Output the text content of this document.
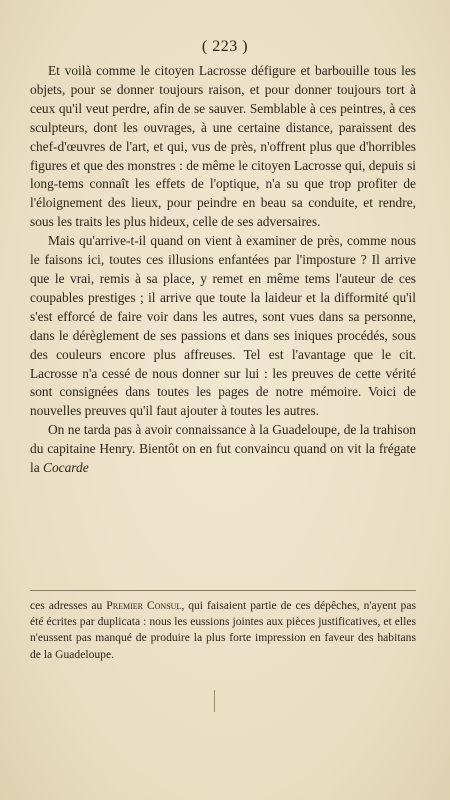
( 223 )

Et voilà comme le citoyen Lacrosse défigure et barbouille tous les objets, pour se donner toujours raison, et pour donner toujours tort à ceux qu'il veut perdre, afin de se sauver. Semblable à ces peintres, à ces sculpteurs, dont les ouvrages, à une certaine distance, paraissent des chef-d'œuvres de l'art, et qui, vus de près, n'offrent plus que d'horribles figures et que des monstres : de même le citoyen Lacrosse qui, depuis si long-tems connaît les effets de l'optique, n'a su que trop profiter de l'éloignement des lieux, pour peindre en beau sa conduite, et rendre, sous les traits les plus hideux, celle de ses adversaires.

Mais qu'arrive-t-il quand on vient à examiner de près, comme nous le faisons ici, toutes ces illusions enfantées par l'imposture ? Il arrive que le vrai, remis à sa place, y remet en même tems l'auteur de ces coupables prestiges ; il arrive que toute la laideur et la difformité qu'il s'est efforcé de faire voir dans les autres, sont vues dans sa personne, dans le dérèglement de ses passions et dans ses iniques procédés, sous des couleurs encore plus affreuses. Tel est l'avantage que le cit. Lacrosse n'a cessé de nous donner sur lui : les preuves de cette vérité sont consignées dans toutes les pages de notre mémoire. Voici de nouvelles preuves qu'il faut ajouter à toutes les autres.

On ne tarda pas à avoir connaissance à la Guadeloupe, de la trahison du capitaine Henry. Bientôt on en fut convaincu quand on vit la frégate la Cocarde

ces adresses au Premier Consul, qui faisaient partie de ces dépêches, n'ayent pas été écrites par duplicata : nous les eussions jointes aux pièces justificatives, et elles n'eussent pas manqué de produire la plus forte impression en faveur des habitans de la Guadeloupe.
